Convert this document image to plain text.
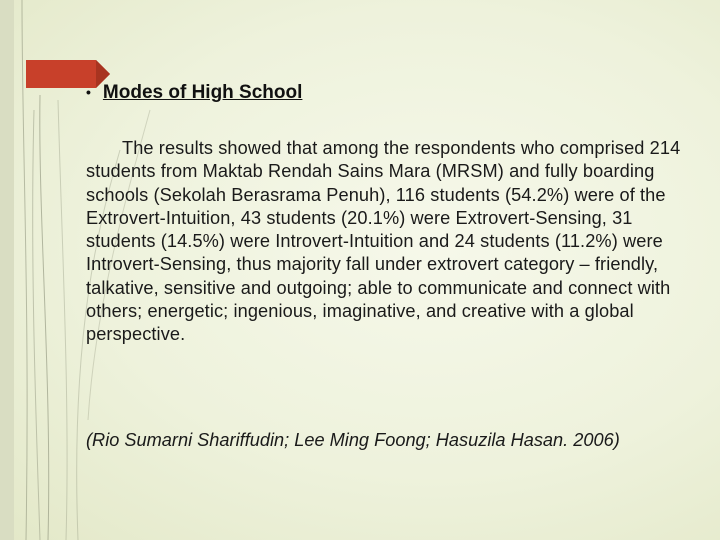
• Modes of High School
The results showed that among the respondents who comprised 214 students from Maktab Rendah Sains Mara (MRSM) and fully boarding schools (Sekolah Berasrama Penuh), 116 students (54.2%) were of the Extrovert-Intuition, 43 students (20.1%) were Extrovert-Sensing, 31 students (14.5%) were Introvert-Intuition and 24 students (11.2%) were Introvert-Sensing, thus majority fall under extrovert category – friendly, talkative, sensitive and outgoing; able to communicate and connect with others; energetic; ingenious, imaginative, and creative with a global perspective.
(Rio Sumarni Shariffudin; Lee Ming Foong; Hasuzila Hasan. 2006)
